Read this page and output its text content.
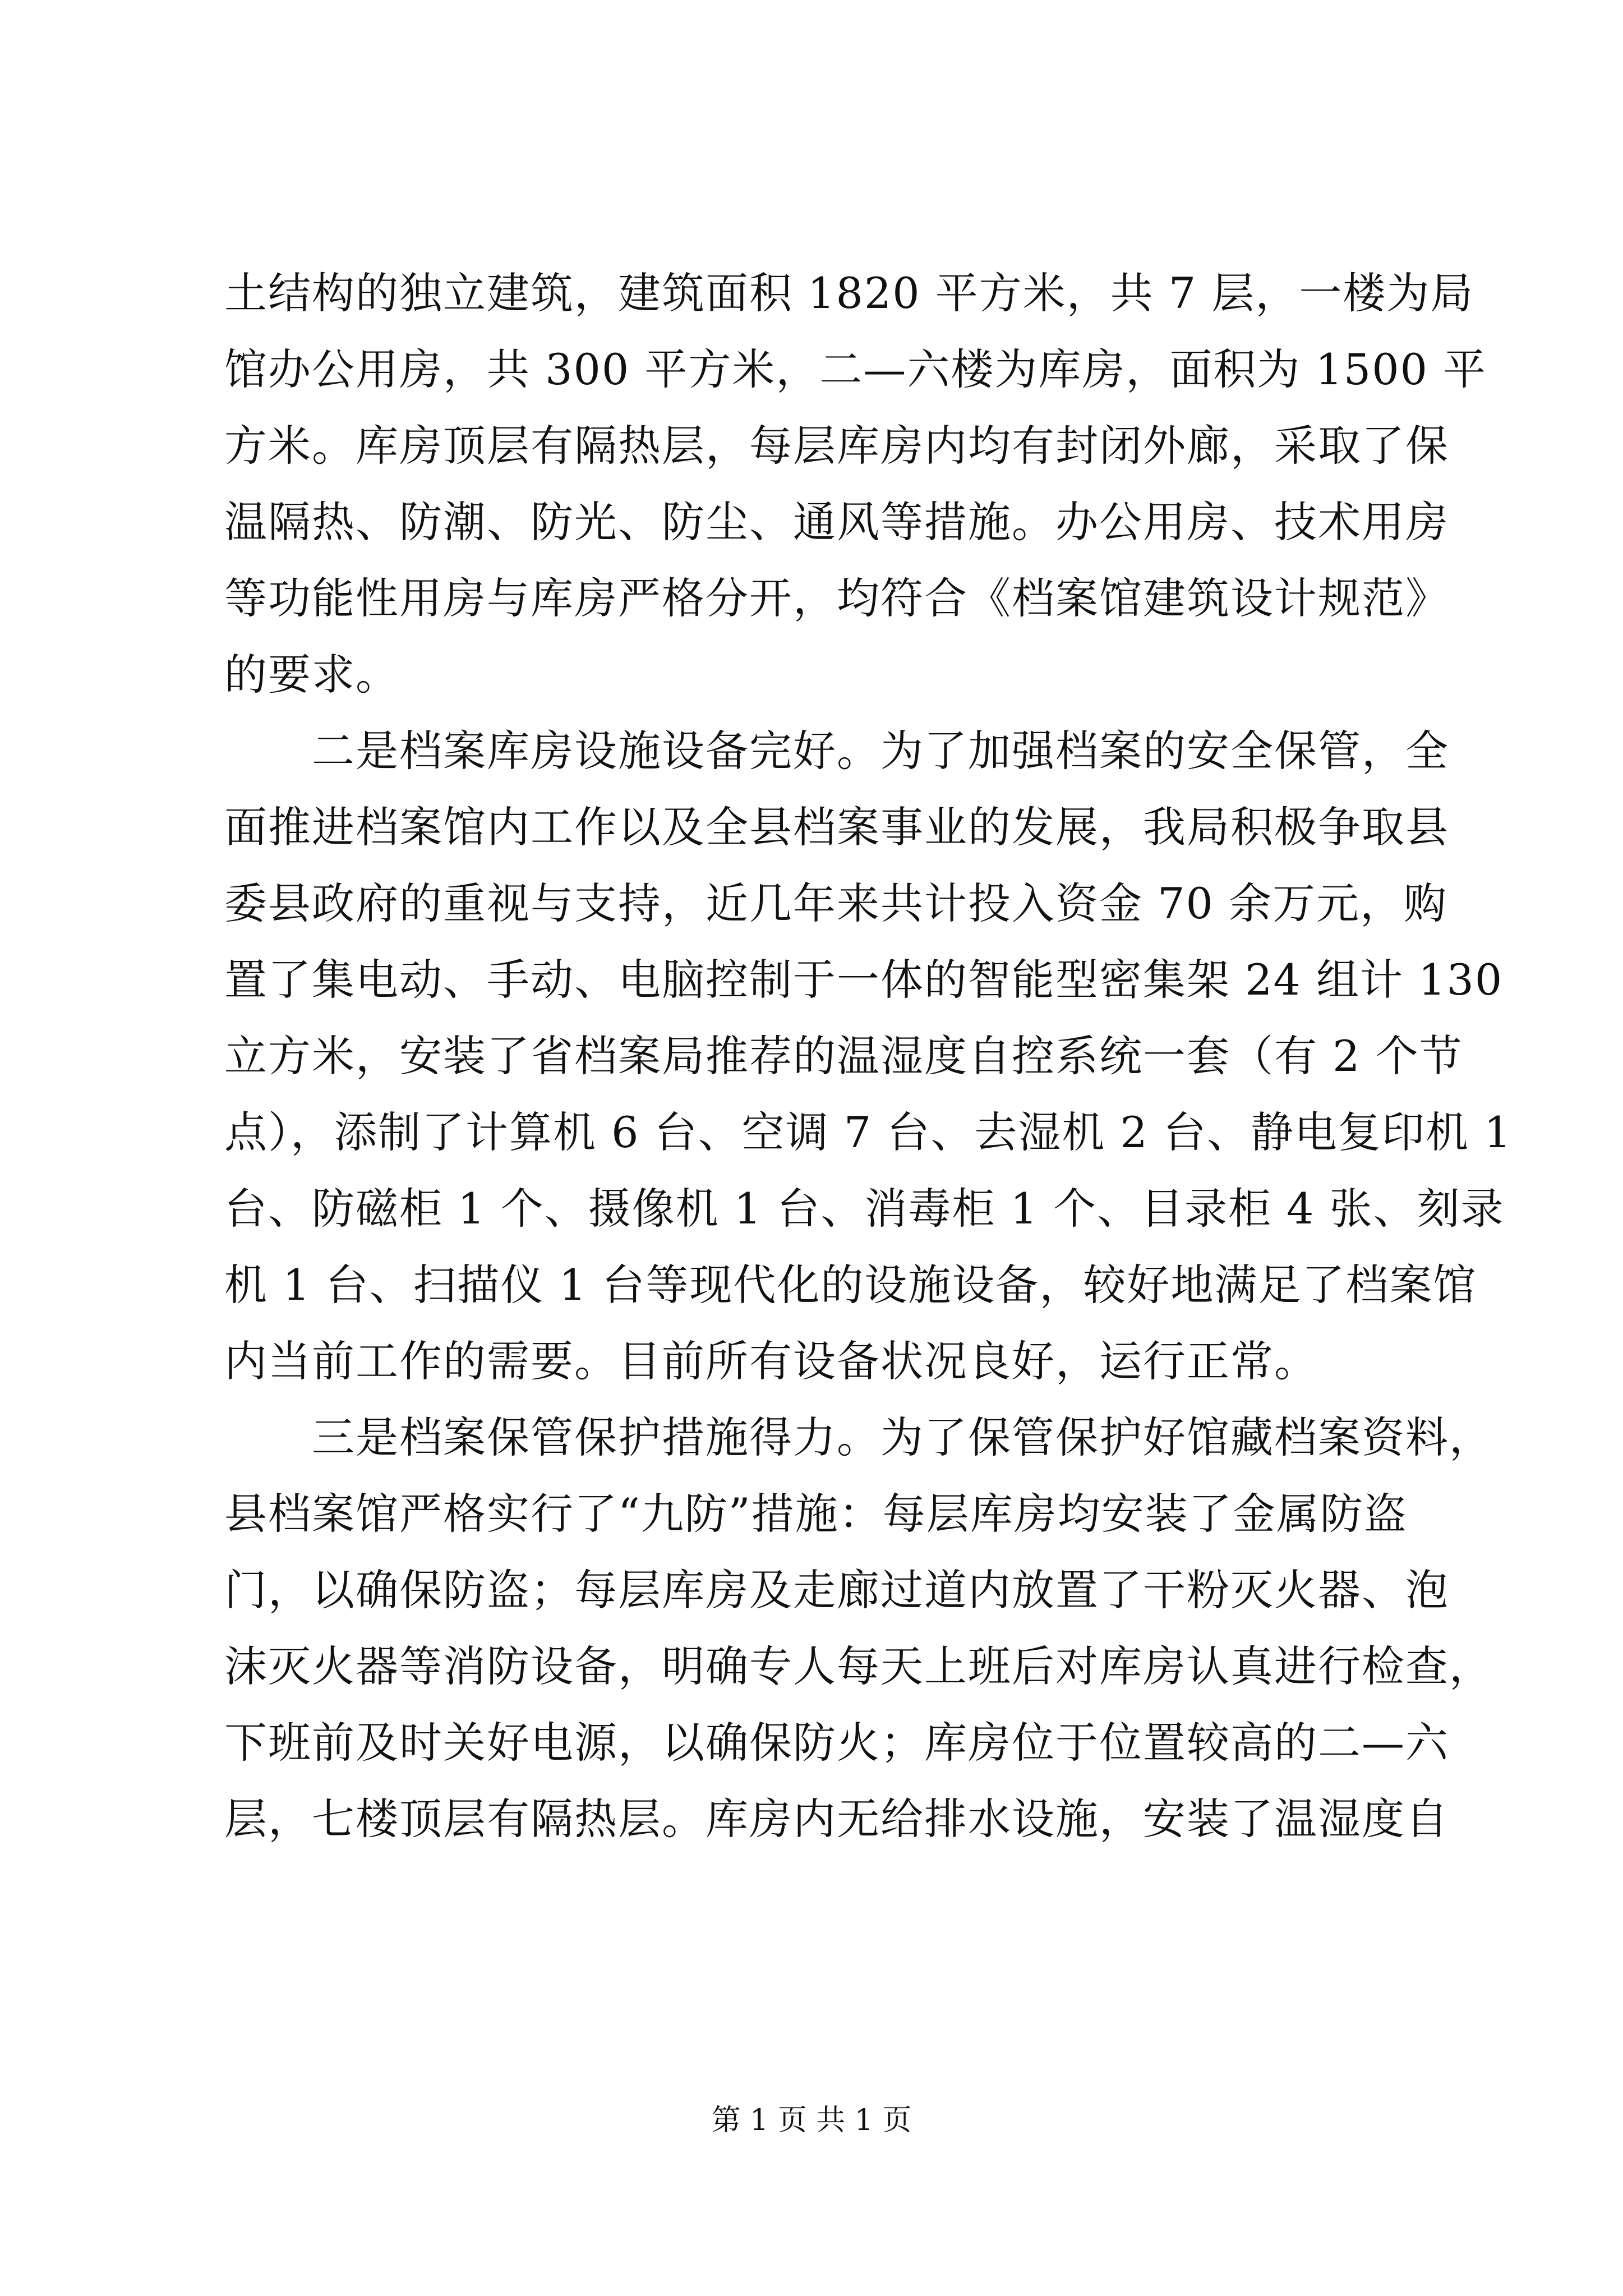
土结构的独立建筑，建筑面积 1820 平方米，共 7 层，一楼为局
馆办公用房，共 300 平方米，二—六楼为库房，面积为 1500 平
方米。库房顶层有隔热层，每层库房内均有封闭外廊，采取了保
温隔热、防潮、防光、防尘、通风等措施。办公用房、技术用房
等功能性用房与库房严格分开，均符合《档案馆建筑设计规范》
的要求。
　　二是档案库房设施设备完好。为了加强档案的安全保管，全
面推进档案馆内工作以及全县档案事业的发展，我局积极争取县
委县政府的重视与支持，近几年来共计投入资金 70 余万元，购
置了集电动、手动、电脑控制于一体的智能型密集架 24 组计 130
立方米，安装了省档案局推荐的温湿度自控系统一套（有 2 个节
点），添制了计算机 6 台、空调 7 台、去湿机 2 台、静电复印机 1
台、防磁柜 1 个、摄像机 1 台、消毒柜 1 个、目录柜 4 张、刻录
机 1 台、扫描仪 1 台等现代化的设施设备，较好地满足了档案馆
内当前工作的需要。目前所有设备状况良好，运行正常。
　　三是档案保管保护措施得力。为了保管保护好馆藏档案资料，
县档案馆严格实行了“九防”措施：每层库房均安装了金属防盗
门，以确保防盗；每层库房及走廊过道内放置了干粉灭火器、泡
沫灭火器等消防设备，明确专人每天上班后对库房认真进行检查，
下班前及时关好电源，以确保防火；库房位于位置较高的二—六
层，七楼顶层有隔热层。库房内无给排水设施，安装了温湿度自
第 1 页 共 1 页
